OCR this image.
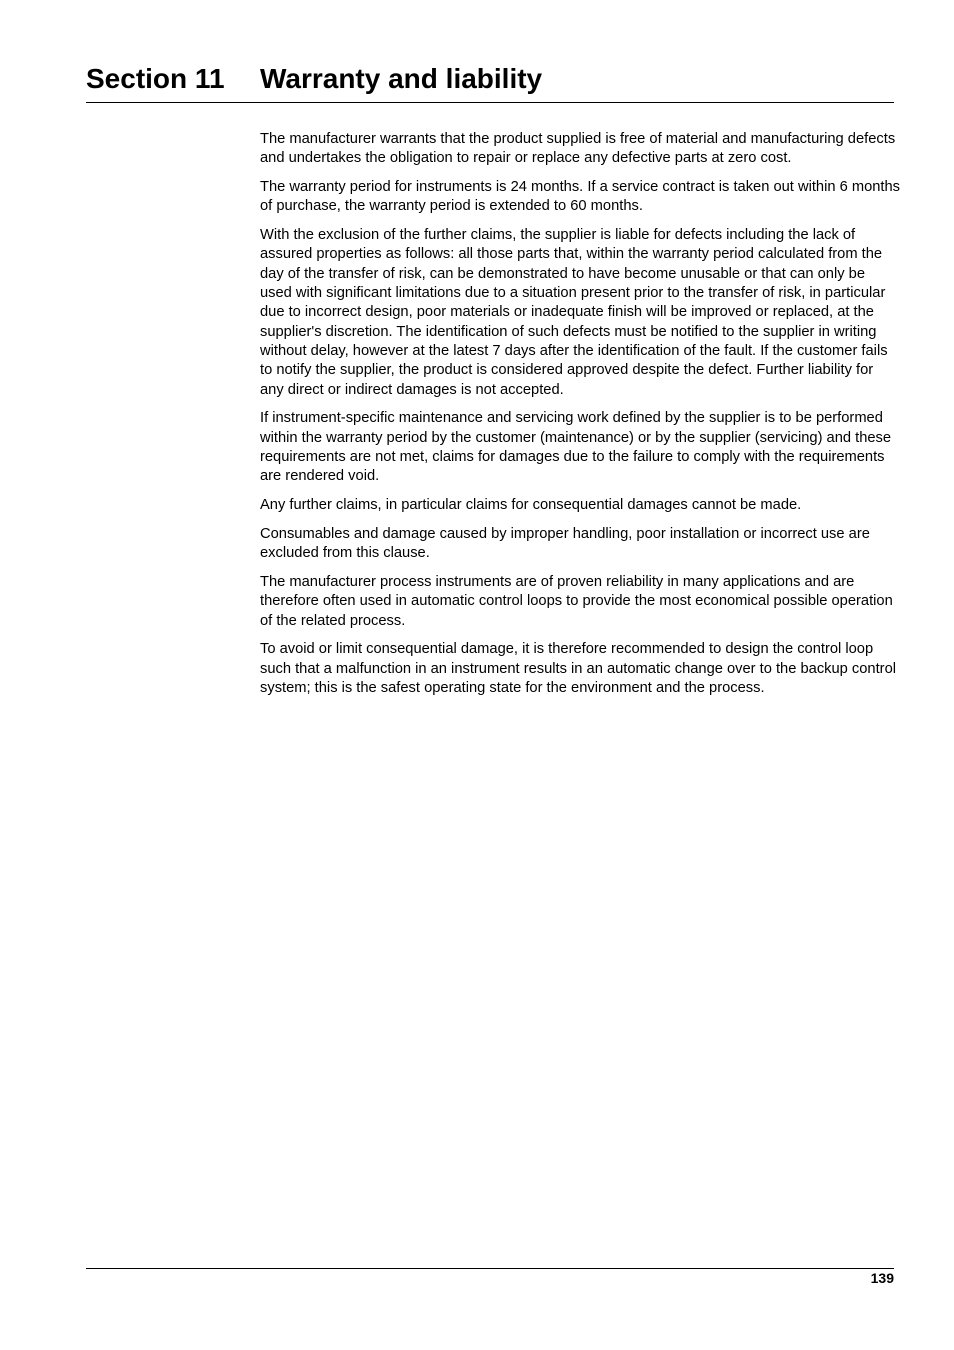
Section 11 Warranty and liability

The manufacturer warrants that the product supplied is free of material and manufacturing defects and undertakes the obligation to repair or replace any defective parts at zero cost.

The warranty period for instruments is 24 months. If a service contract is taken out within 6 months of purchase, the warranty period is extended to 60 months.

With the exclusion of the further claims, the supplier is liable for defects including the lack of assured properties as follows: all those parts that, within the warranty period calculated from the day of the transfer of risk, can be demonstrated to have become unusable or that can only be used with significant limitations due to a situation present prior to the transfer of risk, in particular due to incorrect design, poor materials or inadequate finish will be improved or replaced, at the supplier's discretion. The identification of such defects must be notified to the supplier in writing without delay, however at the latest 7 days after the identification of the fault. If the customer fails to notify the supplier, the product is considered approved despite the defect. Further liability for any direct or indirect damages is not accepted.

If instrument-specific maintenance and servicing work defined by the supplier is to be performed within the warranty period by the customer (maintenance) or by the supplier (servicing) and these requirements are not met, claims for damages due to the failure to comply with the requirements are rendered void.

Any further claims, in particular claims for consequential damages cannot be made.

Consumables and damage caused by improper handling, poor installation or incorrect use are excluded from this clause.

The manufacturer process instruments are of proven reliability in many applications and are therefore often used in automatic control loops to provide the most economical possible operation of the related process.

To avoid or limit consequential damage, it is therefore recommended to design the control loop such that a malfunction in an instrument results in an automatic change over to the backup control system; this is the safest operating state for the environment and the process.

139
